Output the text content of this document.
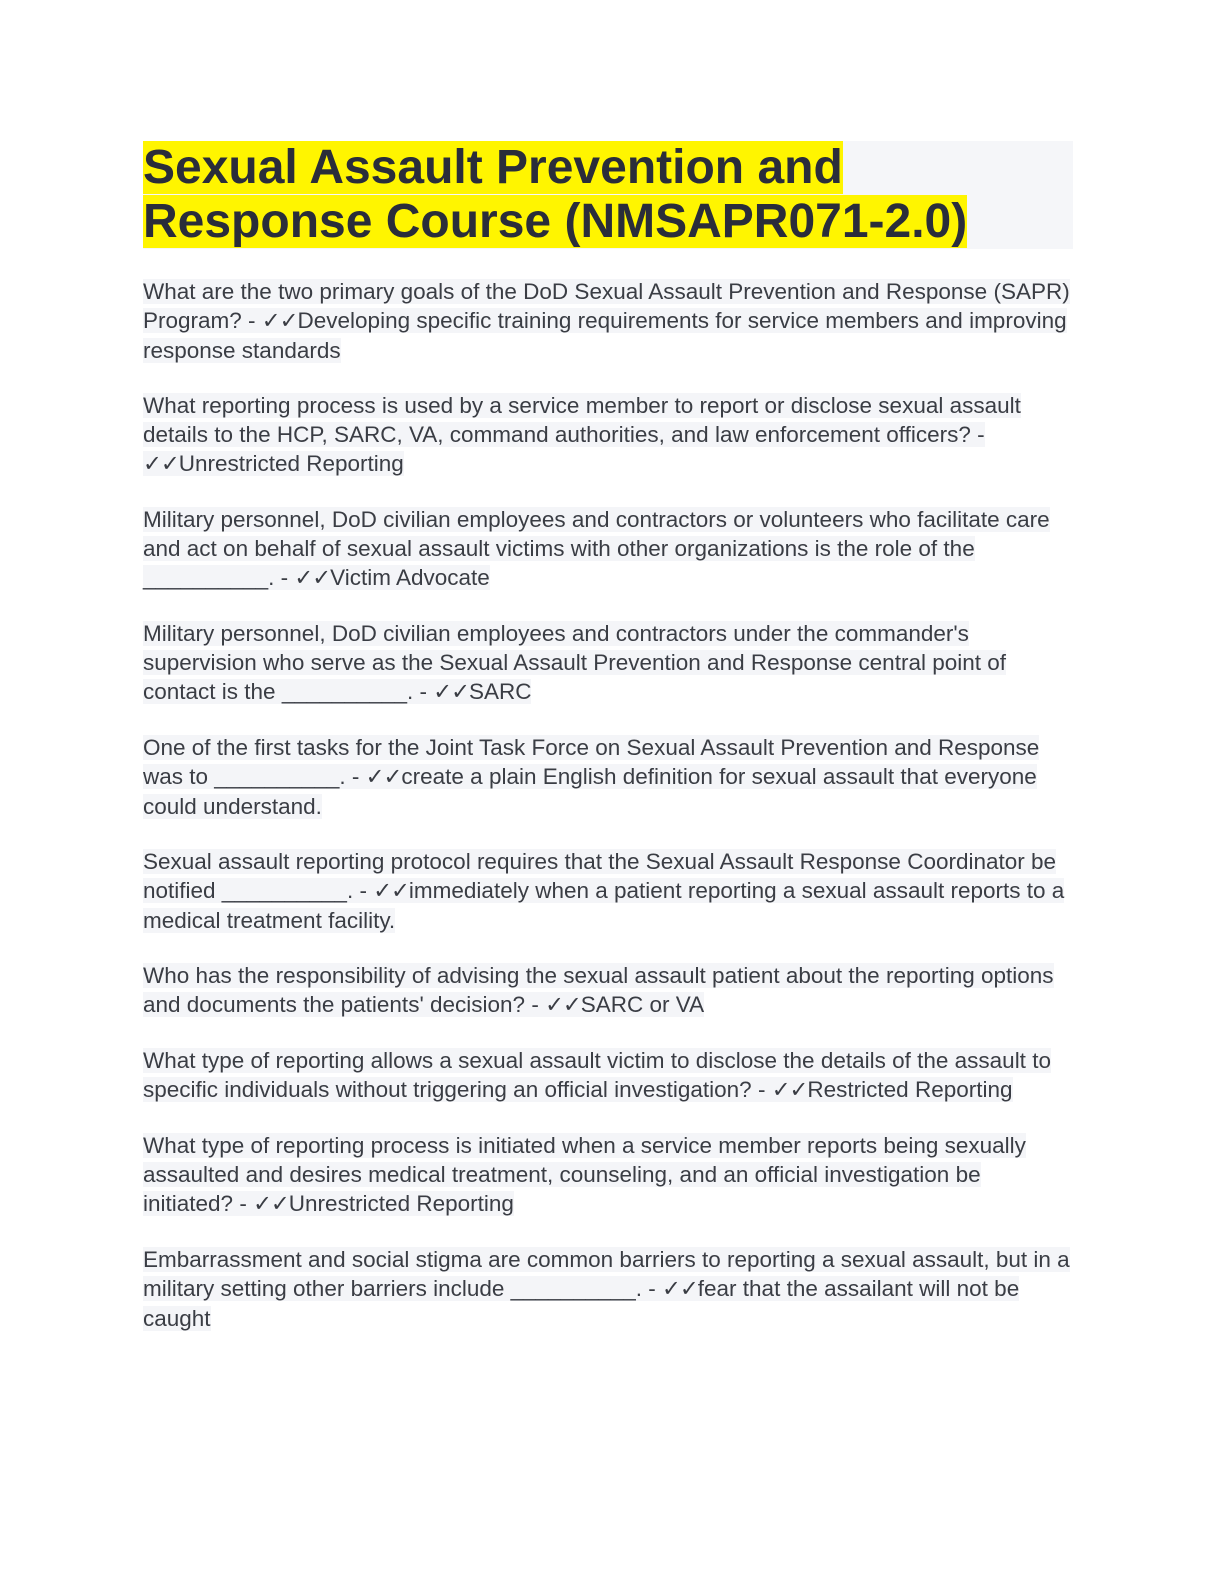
Sexual Assault Prevention and Response Course (NMSAPR071-2.0)
What are the two primary goals of the DoD Sexual Assault Prevention and Response (SAPR) Program? - ✓✓Developing specific training requirements for service members and improving response standards
What reporting process is used by a service member to report or disclose sexual assault details to the HCP, SARC, VA, command authorities, and law enforcement officers? - ✓✓Unrestricted Reporting
Military personnel, DoD civilian employees and contractors or volunteers who facilitate care and act on behalf of sexual assault victims with other organizations is the role of the __________. - ✓✓Victim Advocate
Military personnel, DoD civilian employees and contractors under the commander's supervision who serve as the Sexual Assault Prevention and Response central point of contact is the __________. - ✓✓SARC
One of the first tasks for the Joint Task Force on Sexual Assault Prevention and Response was to __________. - ✓✓create a plain English definition for sexual assault that everyone could understand.
Sexual assault reporting protocol requires that the Sexual Assault Response Coordinator be notified __________. - ✓✓immediately when a patient reporting a sexual assault reports to a medical treatment facility.
Who has the responsibility of advising the sexual assault patient about the reporting options and documents the patients' decision? - ✓✓SARC or VA
What type of reporting allows a sexual assault victim to disclose the details of the assault to specific individuals without triggering an official investigation? - ✓✓Restricted Reporting
What type of reporting process is initiated when a service member reports being sexually assaulted and desires medical treatment, counseling, and an official investigation be initiated? - ✓✓Unrestricted Reporting
Embarrassment and social stigma are common barriers to reporting a sexual assault, but in a military setting other barriers include __________. - ✓✓fear that the assailant will not be caught
